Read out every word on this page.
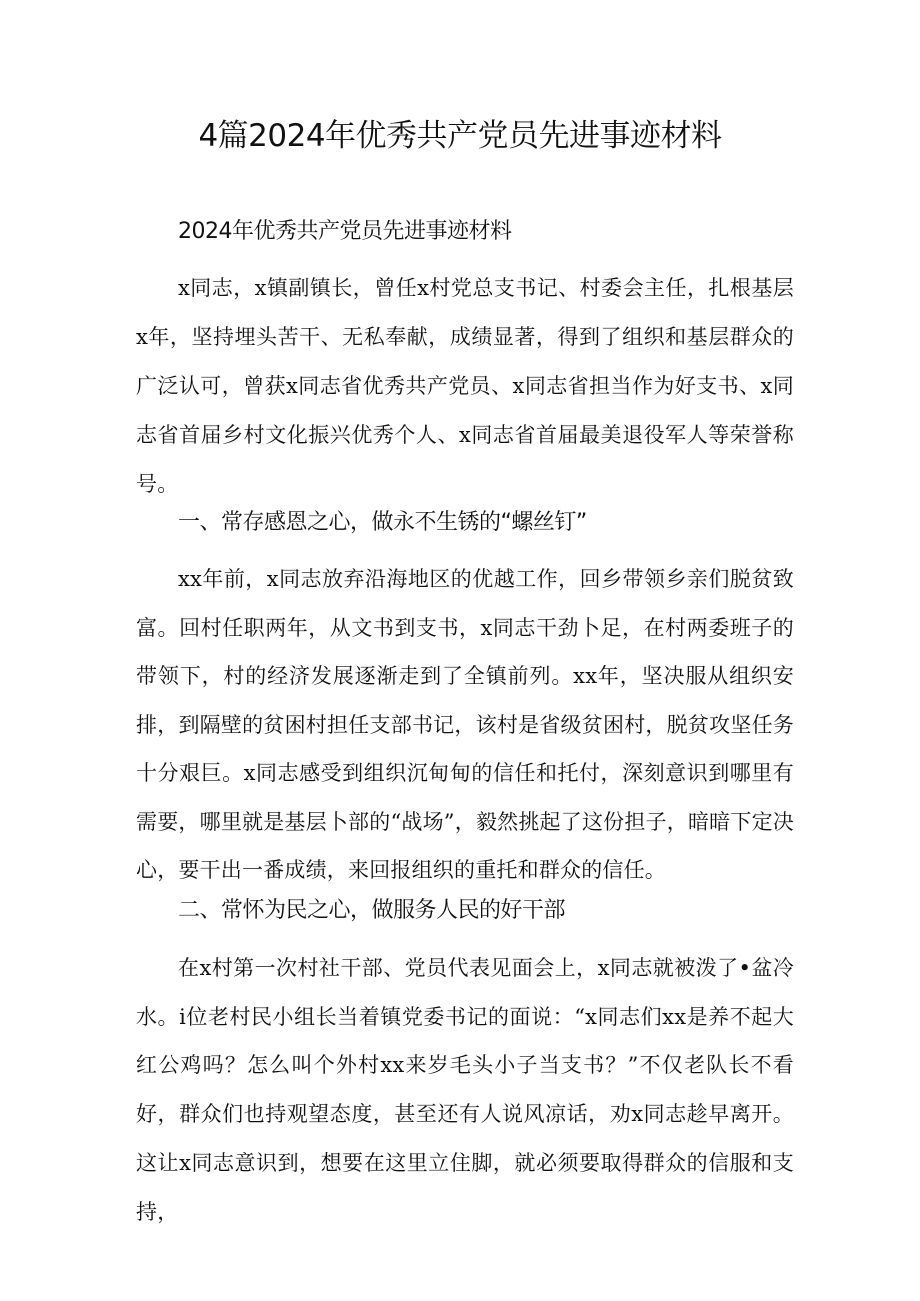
4篇2024年优秀共产党员先进事迹材料
2024年优秀共产党员先进事迹材料

x同志，x镇副镇长，曾任x村党总支书记、村委会主任，扎根基层x年，坚持埋头苦干、无私奉献，成绩显著，得到了组织和基层群众的广泛认可，曾获x同志省优秀共产党员、x同志省担当作为好支书、x同志省首届乡村文化振兴优秀个人、x同志省首届最美退役军人等荣誉称号。

一、常存感恩之心，做永不生锈的“螺丝钉”

xx年前，x同志放弃沿海地区的优越工作，回乡带领乡亲们脱贫致富。回村任职两年，从文书到支书，x同志干劲卜足，在村两委班子的带领下，村的经济发展逐渐走到了全镇前列。xx年，坚决服从组织安排，到隔壁的贫困村担任支部书记，该村是省级贫困村，脱贫攻坚任务十分艰巨。x同志感受到组织沉甸甸的信任和托付，深刻意识到哪里有需要，哪里就是基层卜部的“战场”，毅然挑起了这份担子，暗暗下定决心，要干出一番成绩，来回报组织的重托和群众的信任。

二、常怀为民之心，做服务人民的好干部

在x村第一次村社干部、党员代表见面会上，x同志就被泼了•盆冷水。i位老村民小组长当着镇党委书记的面说：“x同志们xx是养不起大红公鸡吗？怎么叫个外村xx来岁毛头小子当支书？”不仅老队长不看好，群众们也持观望态度，甚至还有人说风凉话，劝x同志趁早离开。这让x同志意识到，想要在这里立住脚，就必须要取得群众的信服和支持，
